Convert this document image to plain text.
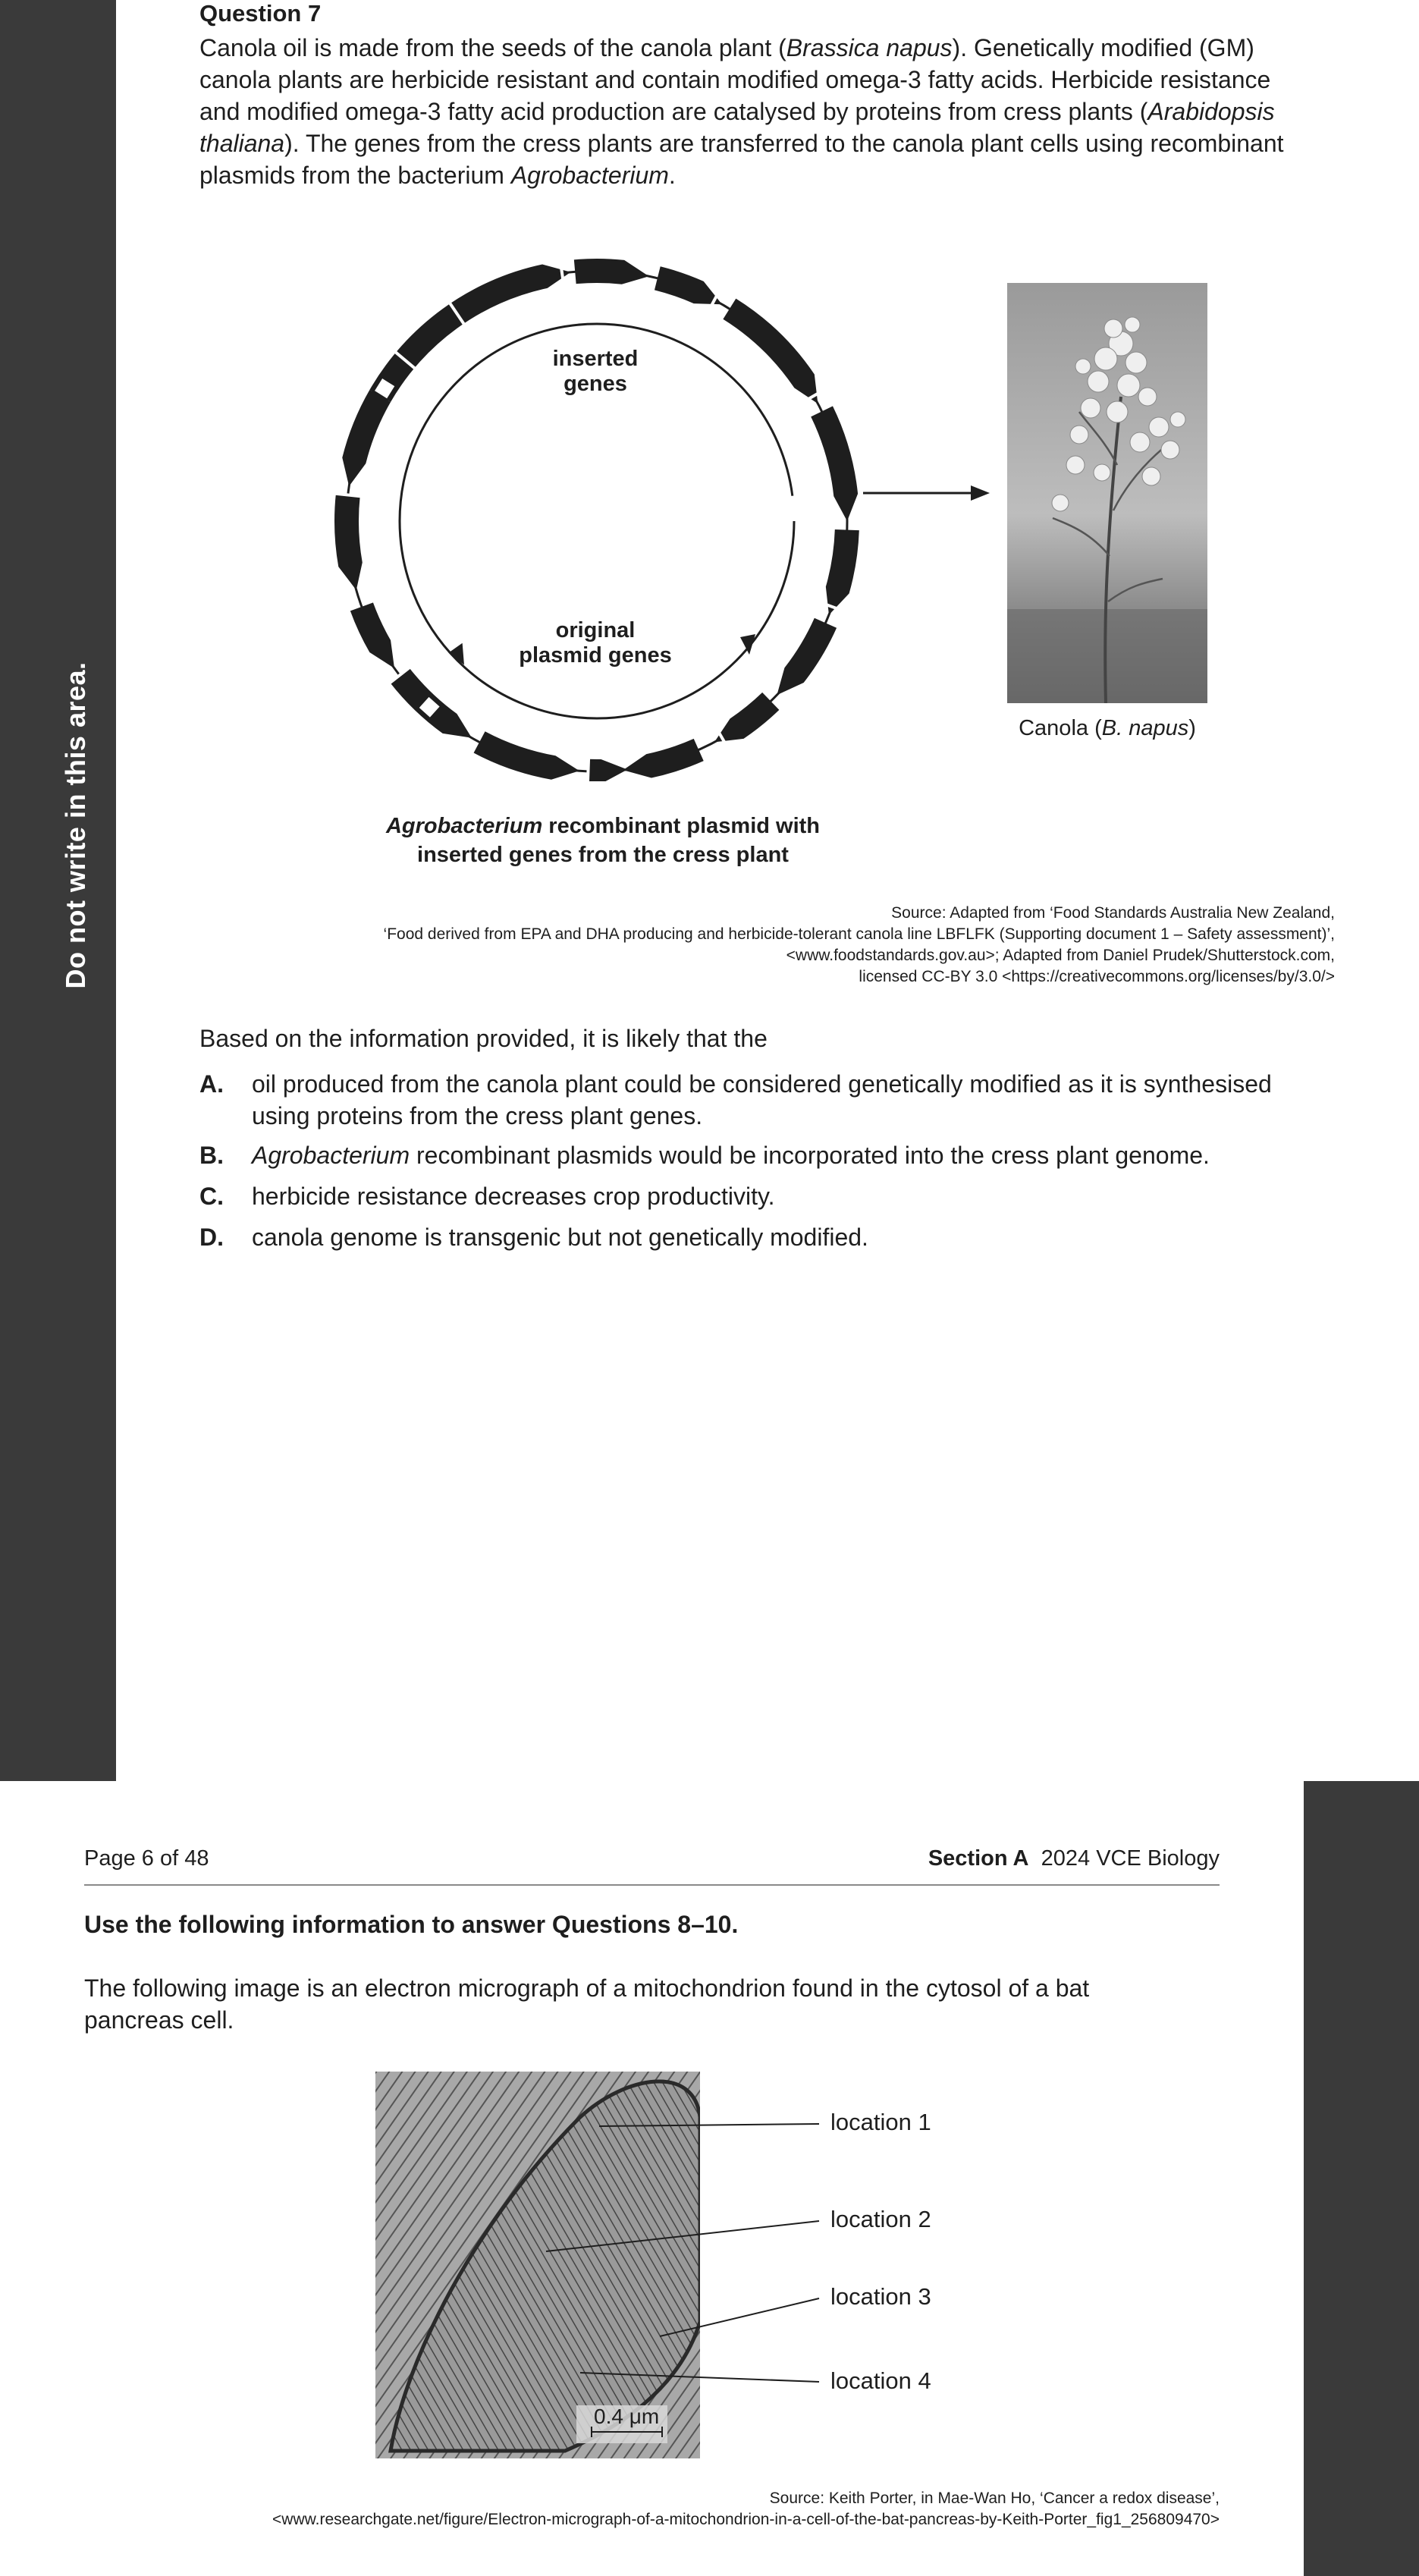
Do not write in this area.
Question 7
Canola oil is made from the seeds of the canola plant (Brassica napus). Genetically modified (GM) canola plants are herbicide resistant and contain modified omega-3 fatty acids. Herbicide resistance and modified omega-3 fatty acid production are catalysed by proteins from cress plants (Arabidopsis thaliana). The genes from the cress plants are transferred to the canola plant cells using recombinant plasmids from the bacterium Agrobacterium.
inserted
genes
original
plasmid genes
Agrobacterium recombinant plasmid with
inserted genes from the cress plant
Canola (B. napus)
Source: Adapted from ‘Food Standards Australia New Zealand,
‘Food derived from EPA and DHA producing and herbicide-tolerant canola line LBFLFK (Supporting document 1 – Safety assessment)’,
<www.foodstandards.gov.au>; Adapted from Daniel Prudek/Shutterstock.com,
licensed CC-BY 3.0 <https://creativecommons.org/licenses/by/3.0/>
Based on the information provided, it is likely that the
A. oil produced from the canola plant could be considered genetically modified as it is synthesised using proteins from the cress plant genes.
B. Agrobacterium recombinant plasmids would be incorporated into the cress plant genome.
C. herbicide resistance decreases crop productivity.
D. canola genome is transgenic but not genetically modified.
Page 6 of 48	Section A 2024 VCE Biology
Use the following information to answer Questions 8–10.
The following image is an electron micrograph of a mitochondrion found in the cytosol of a bat pancreas cell.
0.4 μm
location 1
location 2
location 3
location 4
Source: Keith Porter, in Mae-Wan Ho, ‘Cancer a redox disease’,
<www.researchgate.net/figure/Electron-micrograph-of-a-mitochondrion-in-a-cell-of-the-bat-pancreas-by-Keith-Porter_fig1_256809470>
